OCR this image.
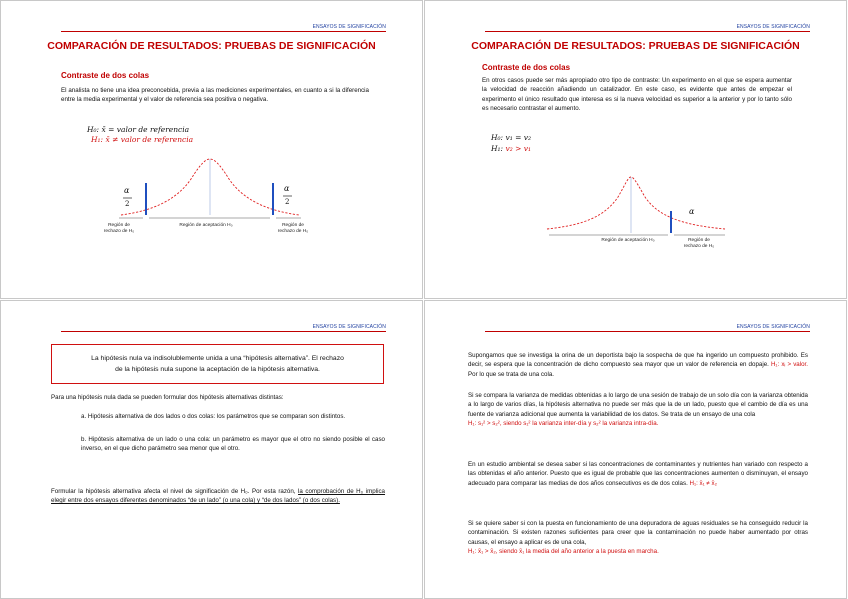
ENSAYOS DE SIGNIFICACIÓN
COMPARACIÓN DE RESULTADOS: PRUEBAS DE SIGNIFICACIÓN
Contraste de dos colas
El analista no tiene una idea preconcebida, previa a las mediciones experimentales, en cuanto a si la diferencia entre la media experimental y el valor de referencia sea positiva o negativa.
H₀: x̄ = valor de referencia
H₁: x̄ ≠ valor de referencia
α
2
α
2
Región de
rechazo de H₀
Región de aceptación H₀	Región de
rechazo de H₀
ENSAYOS DE SIGNIFICACIÓN
COMPARACIÓN DE RESULTADOS: PRUEBAS DE SIGNIFICACIÓN
Contraste de dos colas
En otros casos puede ser más apropiado otro tipo de contraste: Un experimento en el que se espera aumentar la velocidad de reacción añadiendo un catalizador. En este caso, es evidente que antes de empezar el experimento el único resultado que interesa es si la nueva velocidad es superior a la anterior y por lo tanto sólo es necesario contrastar el aumento.
H₀: v₁ = v₂
H₁: v₂ > v₁
α
Región de aceptación H₀	Región de
rechazo de H₀
ENSAYOS DE SIGNIFICACIÓN
La hipótesis nula va indisolublemente unida a una “hipótesis alternativa”. El rechazo
de la hipótesis nula supone la aceptación de la hipótesis alternativa.
Para una hipótesis nula dada se pueden formular dos hipótesis alternativas distintas:
a. Hipótesis alternativa de dos lados o dos colas: los parámetros que se comparan son distintos.
b. Hipótesis alternativa de un lado o una cola: un parámetro es mayor que el otro no siendo posible el caso inverso, en el que dicho parámetro sea menor que el otro.
Formular la hipótesis alternativa afecta el nivel de significación de H₀. Por esta razón, la comprobación de H₀ implica elegir entre dos ensayos diferentes denominados “de un lado” (o una cola) y “de dos lados” (o dos colas).
ENSAYOS DE SIGNIFICACIÓN
Supongamos que se investiga la orina de un deportista bajo la sospecha de que ha ingerido un compuesto prohibido. Es decir, se espera que la concentración de dicho compuesto sea mayor que un valor de referencia en dopaje. H₁: xᵢ > valor. Por lo que se trata de una cola.
Si se compara la varianza de medidas obtenidas a lo largo de una sesión de trabajo de un solo día con la varianza obtenida a lo largo de varios días, la hipótesis alternativa no puede ser más que la de un lado, puesto que el cambio de día es una fuente de varianza adicional que aumenta la variabilidad de los datos. Se trata de un ensayo de una cola
H₁: s₁² > s₂², siendo s₁² la varianza inter-día y s₂² la varianza intra-día.
En un estudio ambiental se desea saber si las concentraciones de contaminantes y nutrientes han variado con respecto a las obtenidas el año anterior. Puesto que es igual de probable que las concentraciones aumenten o disminuyan, el ensayo adecuado para comparar las medias de dos años consecutivos es de dos colas. H₁: x̄₁ ≠ x̄₂
Si se quiere saber si con la puesta en funcionamiento de una depuradora de aguas residuales se ha conseguido reducir la contaminación. Si existen razones suficientes para creer que la contaminación no puede haber aumentado por otras causas, el ensayo a aplicar es de una cola,
H₁: x̄₁ > x̄₂, siendo x̄₁ la media del año anterior a la puesta en marcha.
